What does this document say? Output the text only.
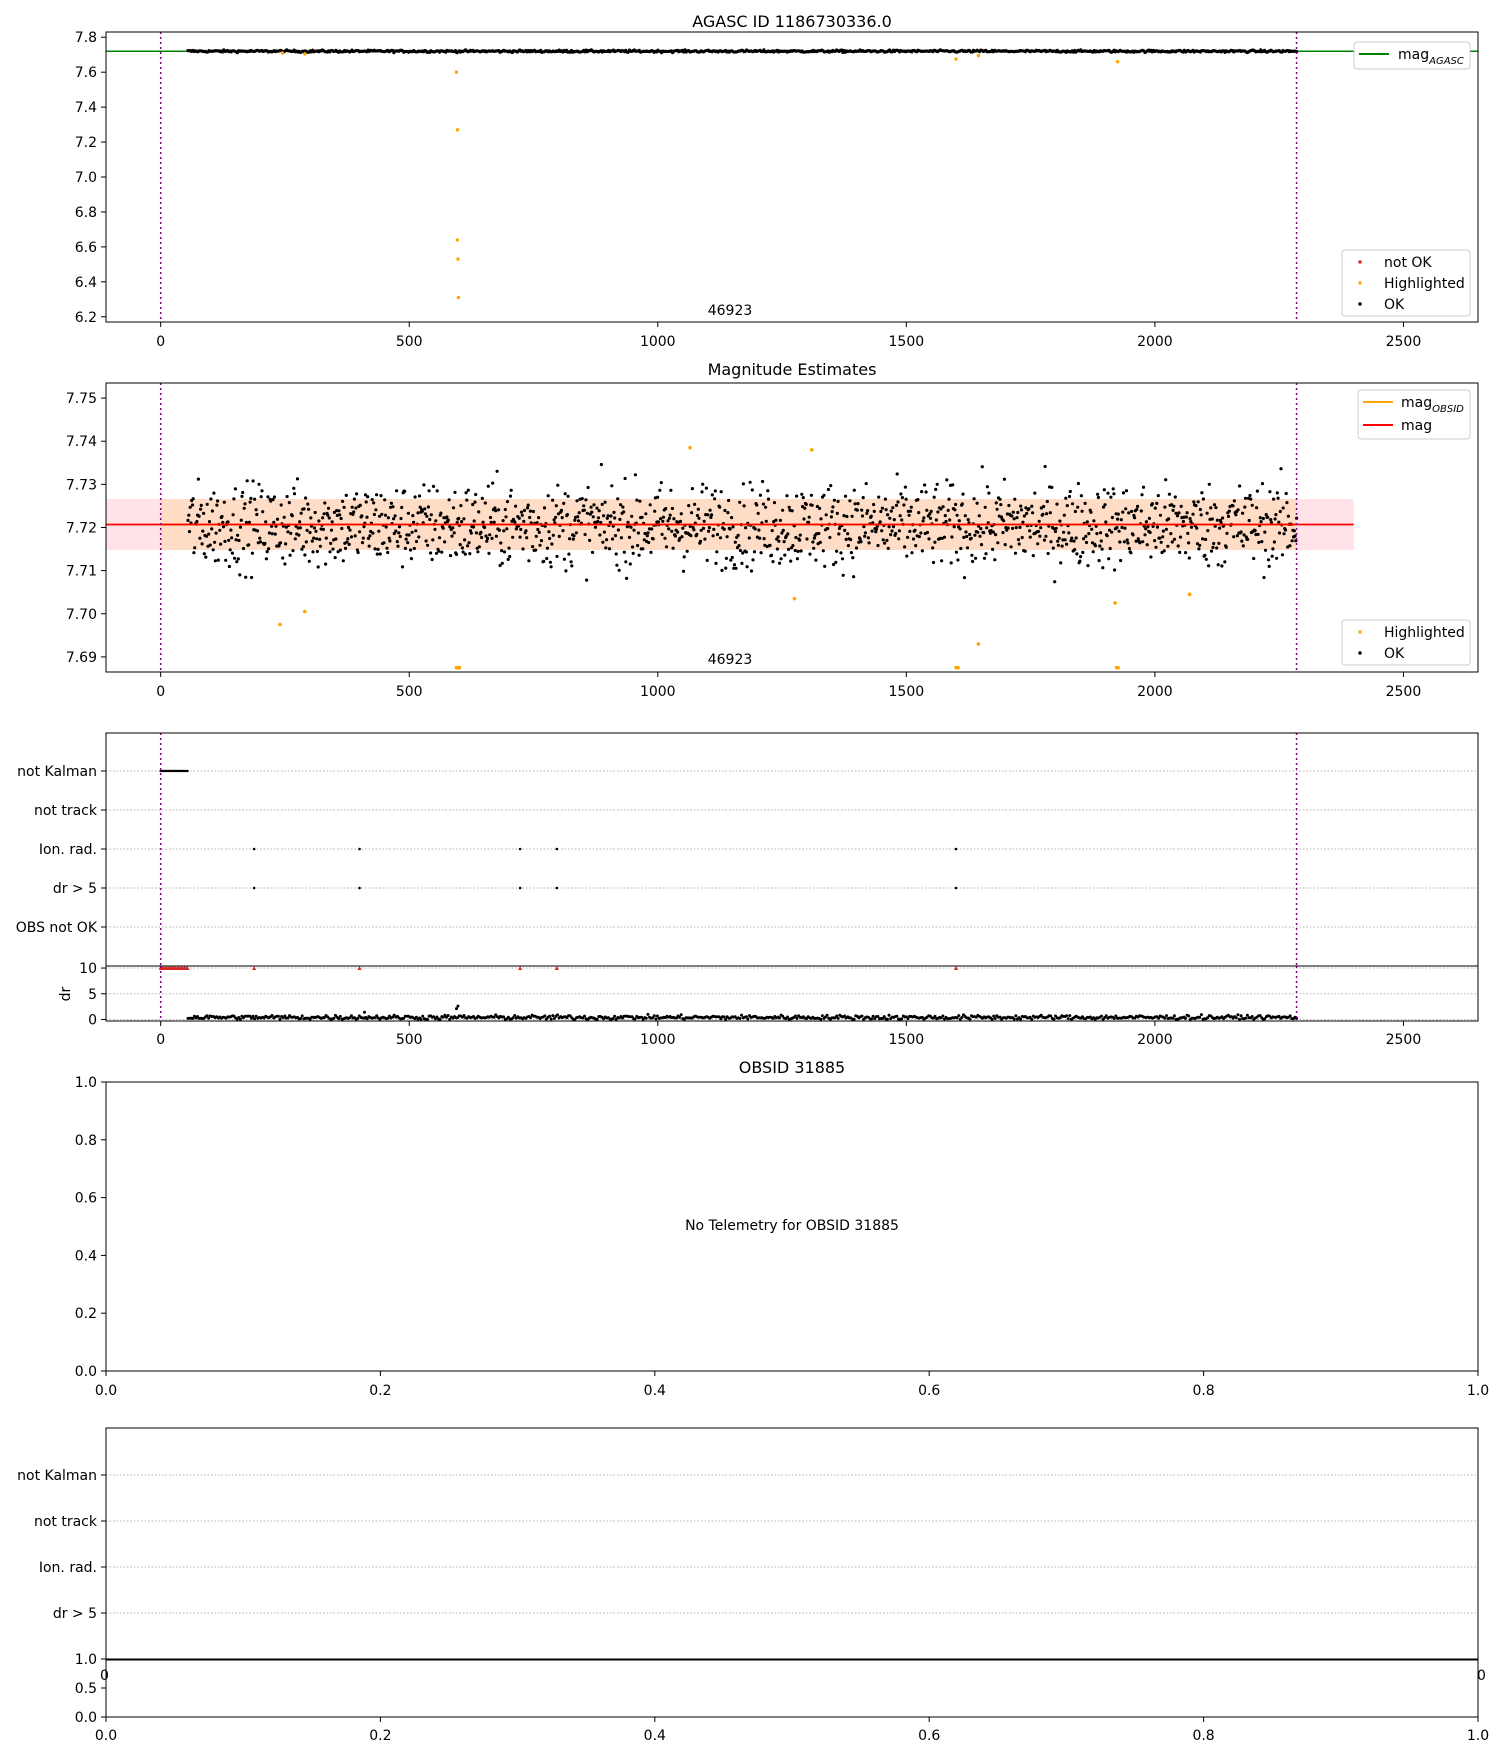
AGASC ID 1186730336.0
0	500	1000	1500	2000	2500
6.2
6.4
6.6
6.8
7.0
7.2
7.4
7.6
7.8
46923
mag$_{AGASC}$
not OK
Highlighted
OK
Magnitude Estimates
0	500	1000	1500	2000	2500
7.69
7.70
7.71
7.72
7.73
7.74
7.75
46923
mag$_{OBSID}$
mag
Highlighted
OK
not Kalman
not track
Ion. rad.
dr > 5
OBS not OK
0	500	1000	1500	2000	2500
0
5
10
dr
OBSID 31885
0.0	0.2	0.4	0.6	0.8	1.0
0.0
0.2
0.4
0.6
0.8
1.0
No Telemetry for OBSID 31885
not Kalman
not track
Ion. rad.
dr > 5
0.0	0.2	0.4	0.6	0.8	1.0
0.0
0.5
1.0
0	0
